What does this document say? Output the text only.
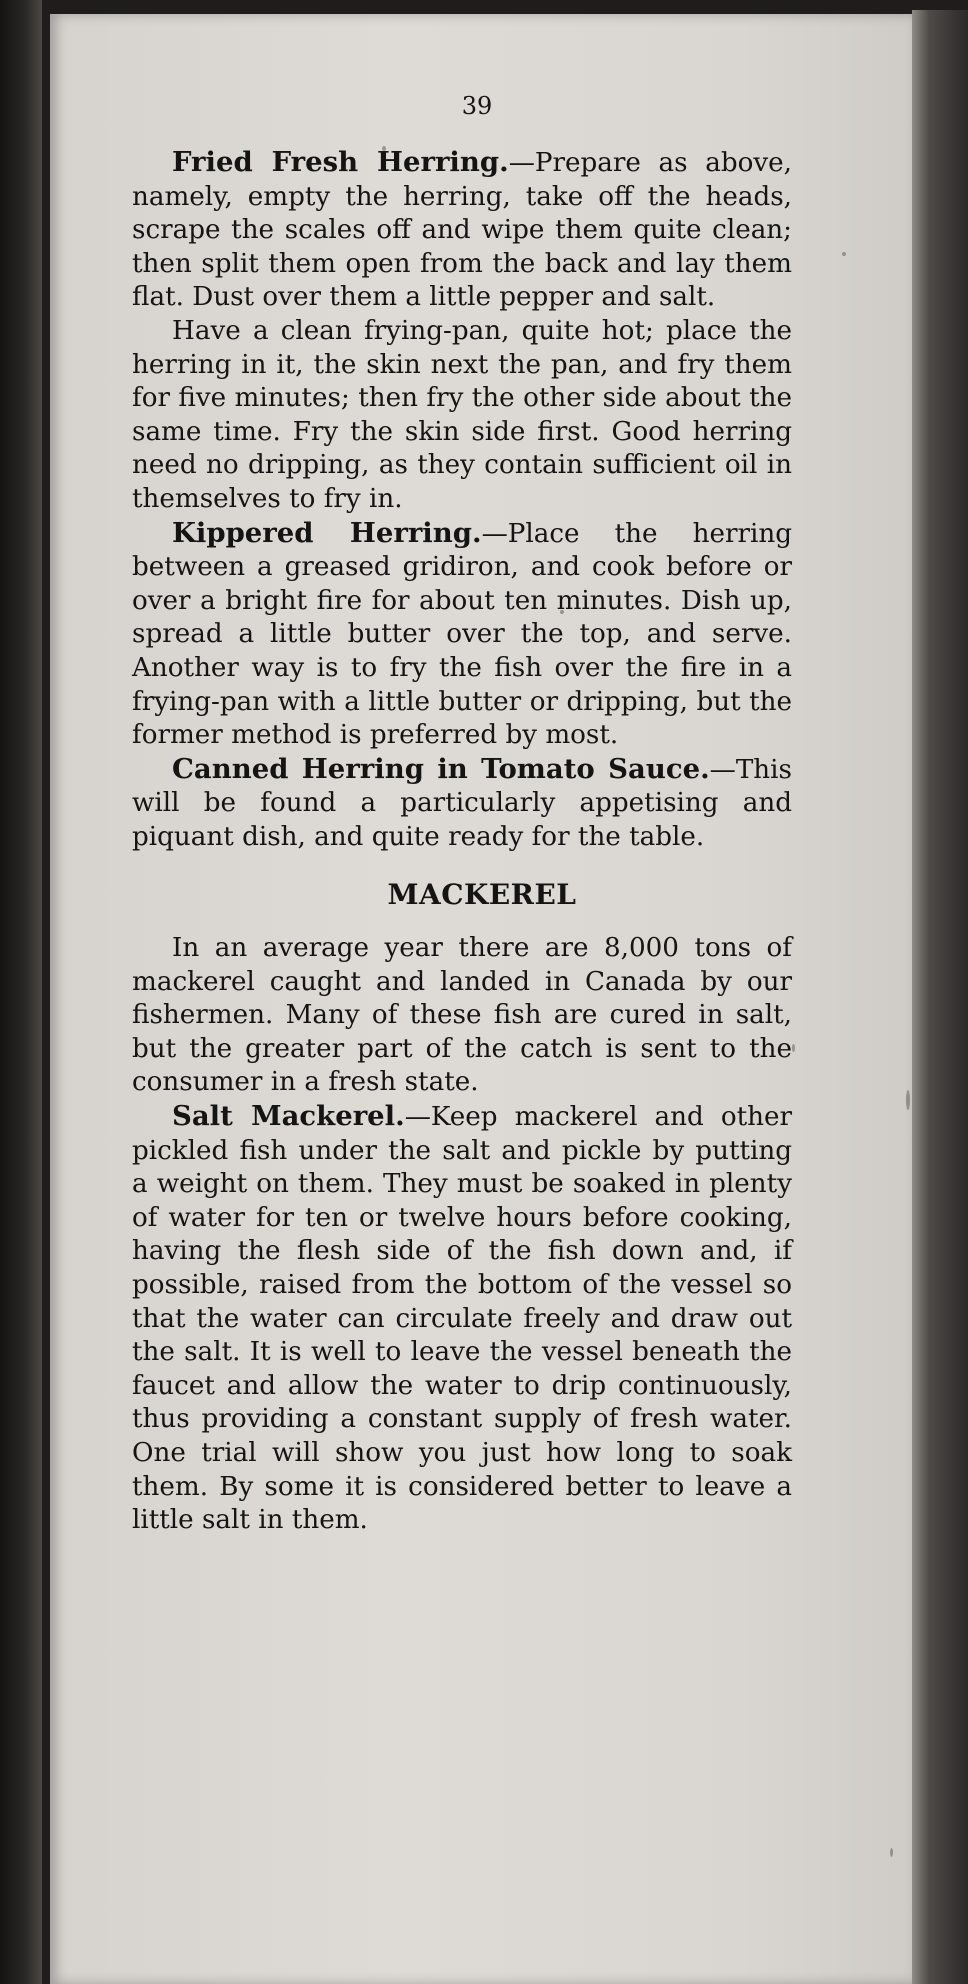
39

Fried Fresh Herring.—Prepare as above, namely, empty the herring, take off the heads, scrape the scales off and wipe them quite clean; then split them open from the back and lay them flat. Dust over them a little pepper and salt.

Have a clean frying-pan, quite hot; place the herring in it, the skin next the pan, and fry them for five minutes; then fry the other side about the same time. Fry the skin side first. Good herring need no dripping, as they contain sufficient oil in themselves to fry in.

Kippered Herring.—Place the herring between a greased gridiron, and cook before or over a bright fire for about ten minutes. Dish up, spread a little butter over the top, and serve. Another way is to fry the fish over the fire in a frying-pan with a little butter or dripping, but the former method is preferred by most.

Canned Herring in Tomato Sauce.—This will be found a particularly appetising and piquant dish, and quite ready for the table.

MACKEREL

In an average year there are 8,000 tons of mackerel caught and landed in Canada by our fishermen. Many of these fish are cured in salt, but the greater part of the catch is sent to the consumer in a fresh state.

Salt Mackerel.—Keep mackerel and other pickled fish under the salt and pickle by putting a weight on them. They must be soaked in plenty of water for ten or twelve hours before cooking, having the flesh side of the fish down and, if possible, raised from the bottom of the vessel so that the water can circulate freely and draw out the salt. It is well to leave the vessel beneath the faucet and allow the water to drip continuously, thus providing a constant supply of fresh water. One trial will show you just how long to soak them. By some it is considered better to leave a little salt in them.
